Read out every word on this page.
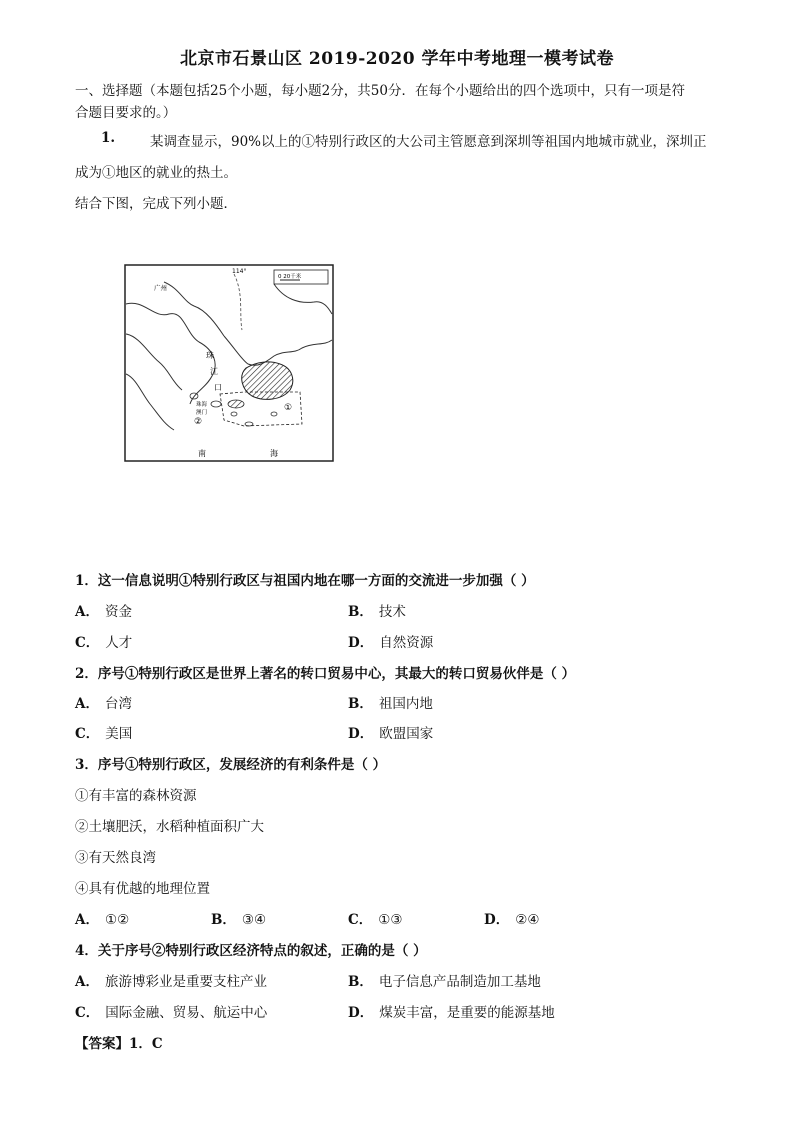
北京市石景山区 2019-2020 学年中考地理一模考试卷
一、选择题（本题包括25个小题，每小题2分，共50分．在每个小题给出的四个选项中，只有一项是符
合题目要求的。）
1.	某调查显示，90%以上的①特别行政区的大公司主管愿意到深圳等祖国内地城市就业，深圳正
成为①地区的就业的热土。
结合下图，完成下列小题．
广州
114°
0 20千米
珠
江
口
珠海
澳门	①
②
南	海
1．这一信息说明①特别行政区与祖国内地在哪一方面的交流进一步加强（ ）
A． 资金	B． 技术
C． 人才	D． 自然资源
2．序号①特别行政区是世界上著名的转口贸易中心，其最大的转口贸易伙伴是（ ）
A． 台湾	B． 祖国内地
C． 美国	D． 欧盟国家
3．序号①特别行政区，发展经济的有利条件是（ ）
①有丰富的森林资源
②土壤肥沃，水稻种植面积广大
③有天然良湾
④具有优越的地理位置
A． ①②	B． ③④	C． ①③	D． ②④
4．关于序号②特别行政区经济特点的叙述，正确的是（ ）
A． 旅游博彩业是重要支柱产业	B． 电子信息产品制造加工基地
C． 国际金融、贸易、航运中心	D． 煤炭丰富，是重要的能源基地
【答案】1．C
